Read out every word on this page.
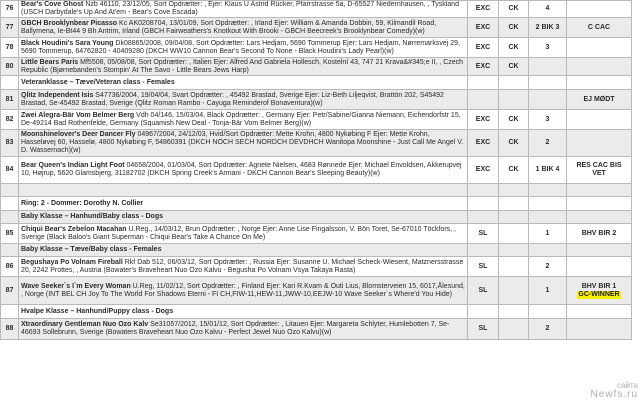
76	Bear's Cove Ghost Nzb 46110, 23/12/05, Sort Opdrætter: , Ejer: Klaus U Astrid Rücker, Pfarrstrasse 5a, D-65527 Niedernhausen, , Tyskland (USCH Darbydale's Up And At'em - Bear's Cove Escada)	EXC	CK	4	

77	GBCH Brooklynbear Picasso Kc AK0208704, 13/01/09, Sort Opdrætter: , Irland Ejer: William & Amanda Dobbin, 59, Kilmandil Road, Ballymena, Ie-Bt44 9 Bh Antrim, Irland (GBCH Fairweathers's Knotkout With Brooki - GBCH Beecreek's Brooklynbear Comedy)(w)	EXC	CK	2 BIK 3	C CAC

78	Black Houdini's Sara Young Dk08865/2008, 09/04/08, Sort Opdrætter: Lars Hedjam, 5690 Tommerup Ejer: Lars Hedjam, Nørremarksvej 29, 5690 Tommerup, 64762820 - 40409280 (DKCH WW10 Cannon Bear's Second To None - Black Houdini's Lady Pearl)(w)	EXC	CK	3	

80	Little Bears Paris Mf5508, 05/08/08, Sort Opdrætter: , Italien Ejer: Alfred And Gabriela Hollesch, Kostelní 43, 747 21 Krava&#345;e II, , Czech Republic (Bjørnebanden's Stompin' At The Savo - Little Bears Jews Harp)	EXC	CK		

	Veteranklasse – Tæve/Veteran class - Females				
81	Qlitz Independent Isis S47736/2004, 19/04/04, Svart Opdrætter: , 45492 Brastad, Sverige Ejer: Liz-Beth Liljeqvist, Brattön 202, S45492 Brastad, Se-45492 Brastad, Sverige (Qlitz Roman Rambo - Cayuga Reminderof Bonaventura)(w)				EJ MØDT

82	Zwei Alegra-Bär Vom Belmer Berg Vdh 04/146, 15/03/04, Black Opdrætter: , Germany Ejer: Petr/Sabine/Gianna Niemann, Eichendorfstr 15, De-49214 Bad Rothenfelde, Germany (Squamish New Deal - Tonja-Bär Vom Belmer Berg)(w)	EXC	CK	3	

83	Moonshinelover's Deer Dancer Fly 04967/2004, 24/12/03, Hvid/Sort Opdrætter: Mette Krohn, 4800 Nykøbing F Ejer: Mette Krohn, Hasseløvej 60, Hasselø, 4800 Nykøbing F, 54860391 (DKCH NOCH SECH NORDCH DEVDHCH Wanitopa Moonshine - Just Call Me Angel V. D. Wassernach)(w)	EXC	CK	2	

84	Bear Queen's Indian Light Foot 04658/2004, 01/03/04, Sort Opdrætter: Agnete Nielsen, 4683 Rønnede Ejer: Michael Envoldsen, Akkerupvej 10, Højrup, 5620 Glamsbjerg, 31182702 (DKCH Spring Creek's Armani - DKCH Cannon Bear's Sleeping Beauty)(w)	EXC	CK	1 BIK 4	RES CAC BIS VET

	Ring: 2 - Dommer: Dorothy N. Collier				
	Baby Klasse – Hanhund/Baby class - Dogs				
85	Chiqui Bear's Zebelon Macahan U.Reg., 14/03/12, Brun Opdrætter: , Norge Ejer: Anne Lise Fingalsson, V. Bön Toret, Se-67010 Töckfors, , Sverige (Black Baloo's Giant Superman - Chiqui Bear's Take A Chance On Me)	SL		1	BHV BIR 2

	Baby Klasse – Tæve/Baby class - Females				
86	Begushaya Po Volnam Fireball Rkf Dab 512, 06/03/12, Sort Opdrætter: , Russia Ejer: Susanne U. Michael Scheck-Wiesent, Matznersstrasse 20, 2242 Prottes, , Austria (Bowater's Braveheart Nuo Ozo Kalvu - Begusha Po Volnam Vsya Takaya Rasta)	SL		2	

87	Wave Seeker`s I`m Every Woman U.Reg, 11/02/12, Sort Opdrætter: , Finland Ejer: Kari R.Kvam & Outi Lius, Blomsterveien 15, 6017,Ålesund, , Norge (INT BEL CH Joy To The World For Shadows Eterni - FI CH,FIW-11,HEW-11,JWW-10,EEJW-10 Wave Seeker`s Where'd You Hide)	SL		1	BHV BIR 1
GC-WINNER
	Hvalpe Klasse – Hanhund/Puppy class - Dogs				
88	Xtraordinary Gentleman Nuo Ozo Kalv Se31057/2012, 15/01/12, Sort Opdrætter: , Litauen Ejer: Margareta Schlyter, Humlebotten 7, Se-46693 Sollebrunn, Sverige (Bowaters Braveheart Nuo Ozo Kalvu - Perfect Jewel Nuo Ozo Kalvu)(w)	SL		2	
сайта
Newfs.ru
